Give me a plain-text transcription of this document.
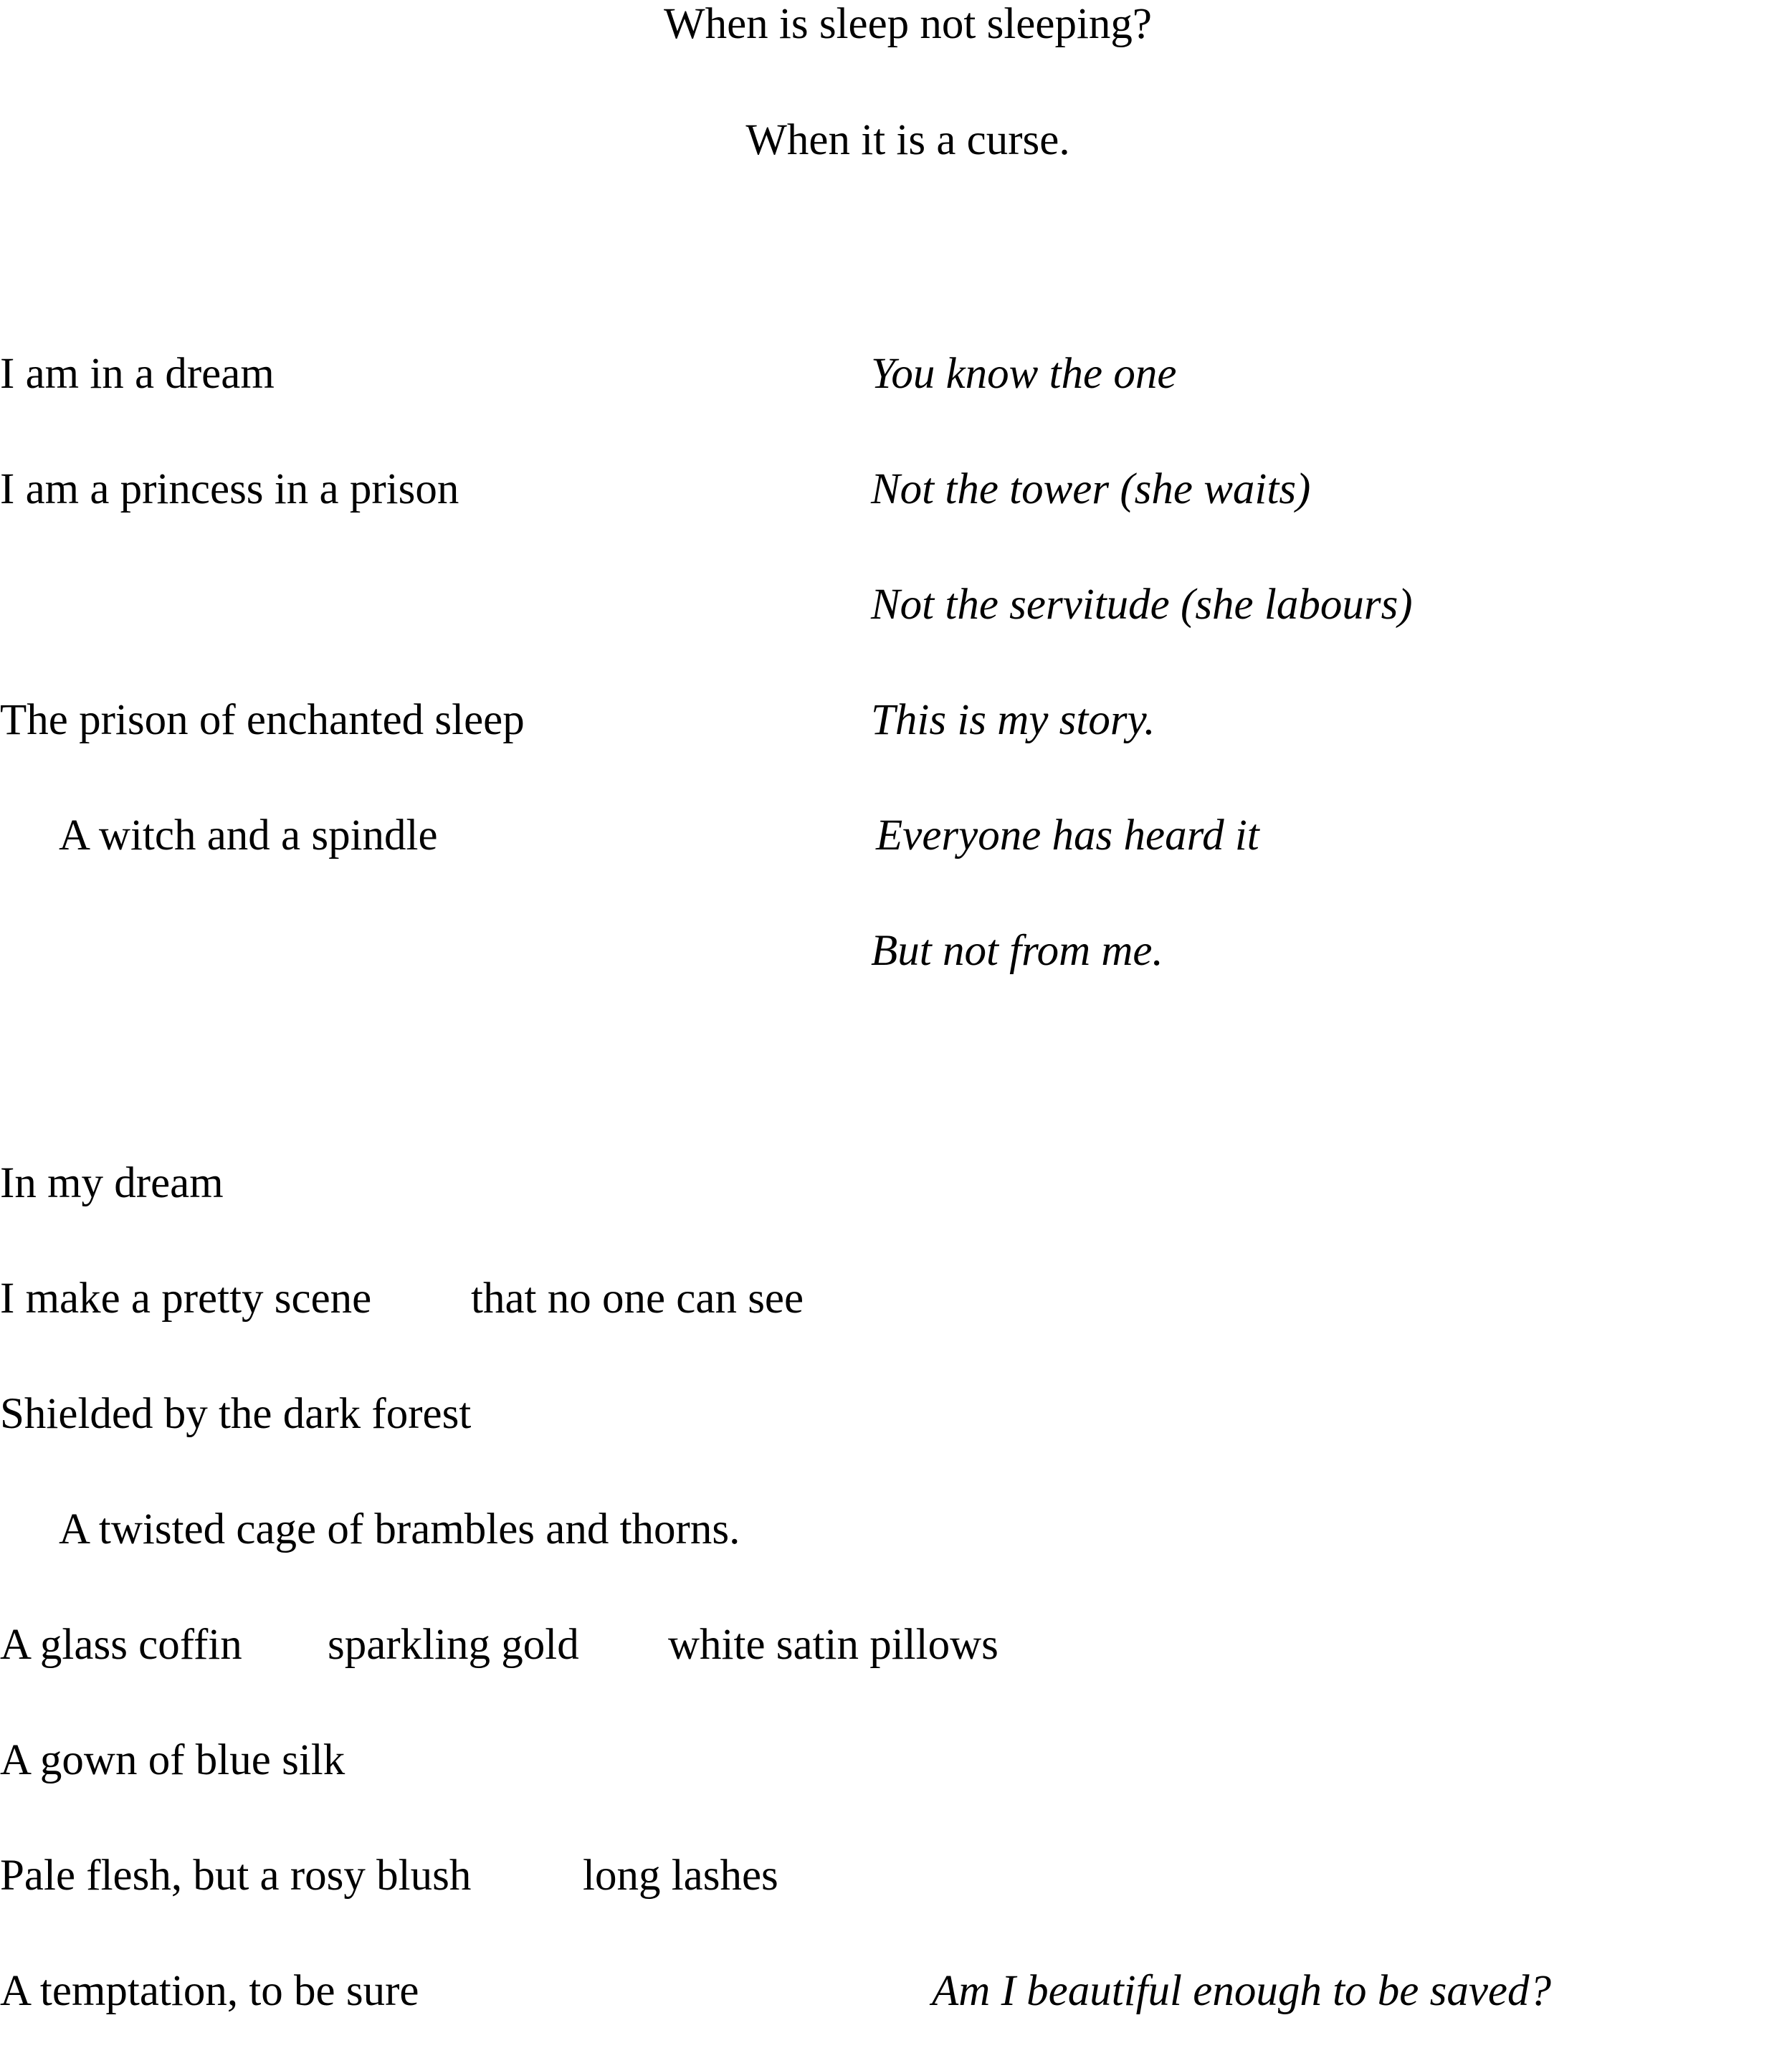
When is sleep not sleeping?

When it is a curse.

I am in a dream

I am a princess in a prison

The prison of enchanted sleep

A witch and a spindle

You know the one

Not the tower (she waits)

Not the servitude (she labours)

This is my story.

Everyone has heard it

But not from me.

In my dream

I make a pretty scene that no one can see

Shielded by the dark forest

A twisted cage of brambles and thorns.

A glass coffin sparkling gold white satin pillows

A gown of blue silk

Pale flesh, but a rosy blush	long lashes

A temptation, to be sure	Am I beautiful enough to be saved?
